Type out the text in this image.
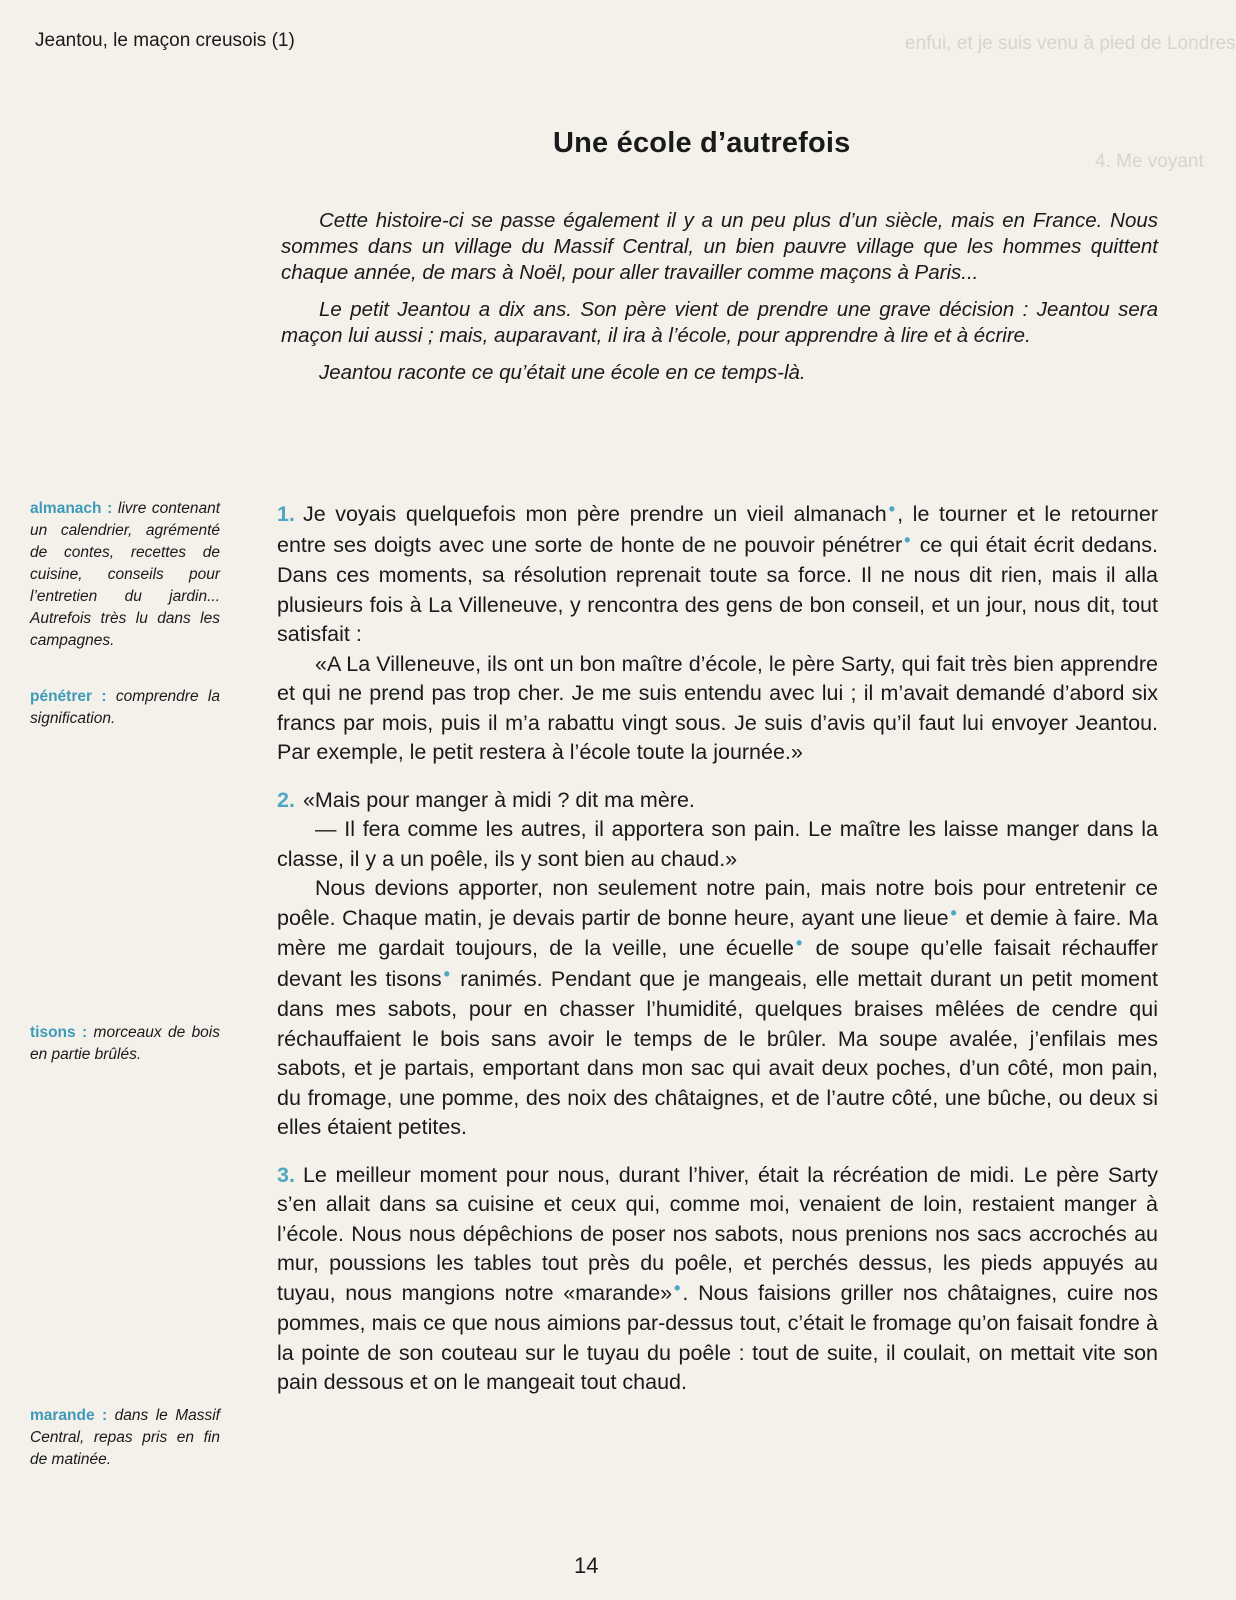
enfui, et je suis venu à pied de Londres
4. Me voyant
Jeantou, le maçon creusois (1)
Une école d’autrefois

Cette histoire-ci se passe également il y a un peu plus d’un siècle, mais en France. Nous sommes dans un village du Massif Central, un bien pauvre village que les hommes quittent chaque année, de mars à Noël, pour aller travailler comme maçons à Paris...

Le petit Jeantou a dix ans. Son père vient de prendre une grave décision : Jeantou sera maçon lui aussi ; mais, auparavant, il ira à l’école, pour apprendre à lire et à écrire.

Jeantou raconte ce qu’était une école en ce temps-là.

1. Je voyais quelquefois mon père prendre un vieil almanach •, le tourner et le retourner entre ses doigts avec une sorte de honte de ne pouvoir pénétrer • ce qui était écrit dedans. Dans ces moments, sa résolution reprenait toute sa force. Il ne nous dit rien, mais il alla plusieurs fois à La Villeneuve, y rencontra des gens de bon conseil, et un jour, nous dit, tout satisfait :

«A La Villeneuve, ils ont un bon maître d’école, le père Sarty, qui fait très bien apprendre et qui ne prend pas trop cher. Je me suis entendu avec lui ; il m’avait demandé d’abord six francs par mois, puis il m’a rabattu vingt sous. Je suis d’avis qu’il faut lui envoyer Jeantou. Par exemple, le petit restera à l’école toute la journée.»

2. «Mais pour manger à midi ? dit ma mère.

— Il fera comme les autres, il apportera son pain. Le maître les laisse manger dans la classe, il y a un poêle, ils y sont bien au chaud.»

Nous devions apporter, non seulement notre pain, mais notre bois pour entretenir ce poêle. Chaque matin, je devais partir de bonne heure, ayant une lieue • et demie à faire. Ma mère me gardait toujours, de la veille, une écuelle • de soupe qu’elle faisait réchauffer devant les tisons • ranimés. Pendant que je mangeais, elle mettait durant un petit moment dans mes sabots, pour en chasser l’humidité, quelques braises mêlées de cendre qui réchauffaient le bois sans avoir le temps de le brûler. Ma soupe avalée, j’enfilais mes sabots, et je partais, emportant dans mon sac qui avait deux poches, d’un côté, mon pain, du fromage, une pomme, des noix des châtaignes, et de l’autre côté, une bûche, ou deux si elles étaient petites.

3. Le meilleur moment pour nous, durant l’hiver, était la récréation de midi. Le père Sarty s’en allait dans sa cuisine et ceux qui, comme moi, venaient de loin, restaient manger à l’école. Nous nous dépêchions de poser nos sabots, nous prenions nos sacs accrochés au mur, poussions les tables tout près du poêle, et perchés dessus, les pieds appuyés au tuyau, nous mangions notre «marande» •. Nous faisions griller nos châtaignes, cuire nos pommes, mais ce que nous aimions par-dessus tout, c’était le fromage qu’on faisait fondre à la pointe de son couteau sur le tuyau du poêle : tout de suite, il coulait, on mettait vite son pain dessous et on le mangeait tout chaud.

almanach : livre contenant un calendrier, agrémenté de contes, recettes de cuisine, conseils pour l’entretien du jardin... Autrefois très lu dans les campagnes.
pénétrer : comprendre la signification.
tisons : morceaux de bois en partie brûlés.
marande : dans le Massif Central, repas pris en fin de matinée.
14
